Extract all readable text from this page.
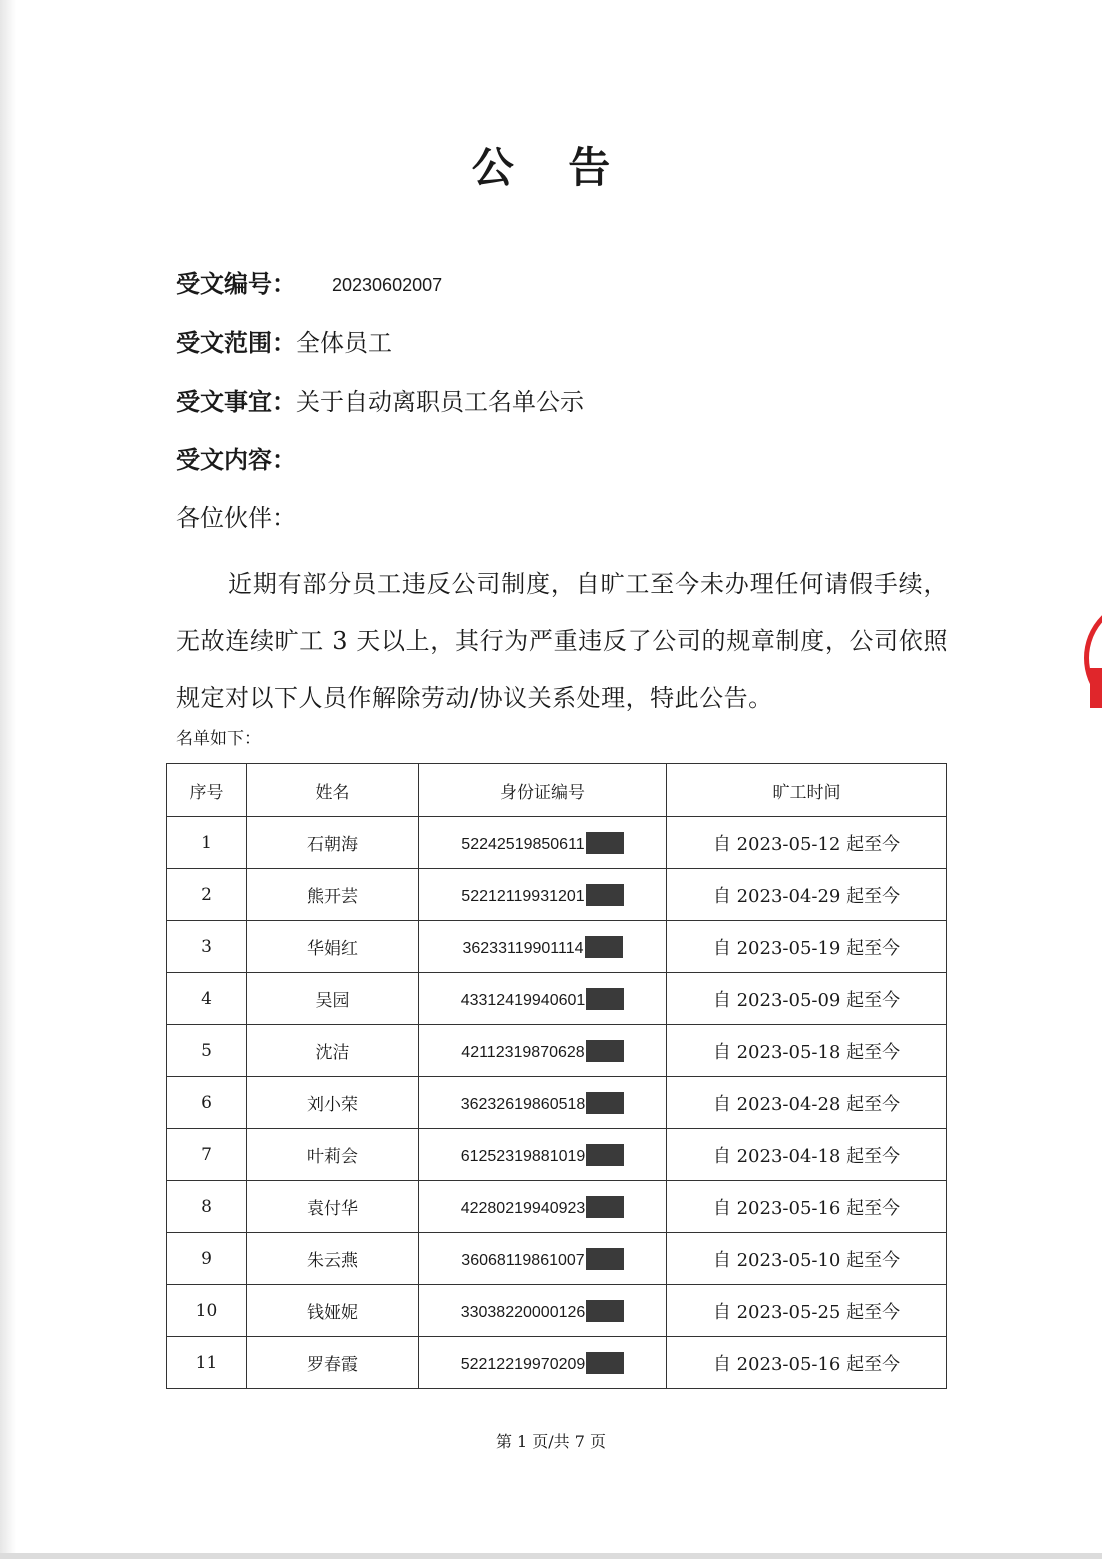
公 告
受文编号： 20230602007
受文范围：全体员工
受文事宜：关于自动离职员工名单公示
受文内容：
各位伙伴：
近期有部分员工违反公司制度，自旷工至今未办理任何请假手续，无故连续旷工 3 天以上，其行为严重违反了公司的规章制度，公司依照规定对以下人员作解除劳动/协议关系处理，特此公告。
名单如下：
序号	姓名	身份证编号	旷工时间
1	石朝海	52242519850611	自 2023-05-12 起至今
2	熊开芸	52212119931201	自 2023-04-29 起至今
3	华娟红	36233119901114	自 2023-05-19 起至今
4	吴园	43312419940601	自 2023-05-09 起至今
5	沈洁	42112319870628	自 2023-05-18 起至今
6	刘小荣	36232619860518	自 2023-04-28 起至今
7	叶莉会	61252319881019	自 2023-04-18 起至今
8	袁付华	42280219940923	自 2023-05-16 起至今
9	朱云燕	36068119861007	自 2023-05-10 起至今
10	钱娅妮	33038220000126	自 2023-05-25 起至今
11	罗春霞	52212219970209	自 2023-05-16 起至今
第 1 页/共 7 页
